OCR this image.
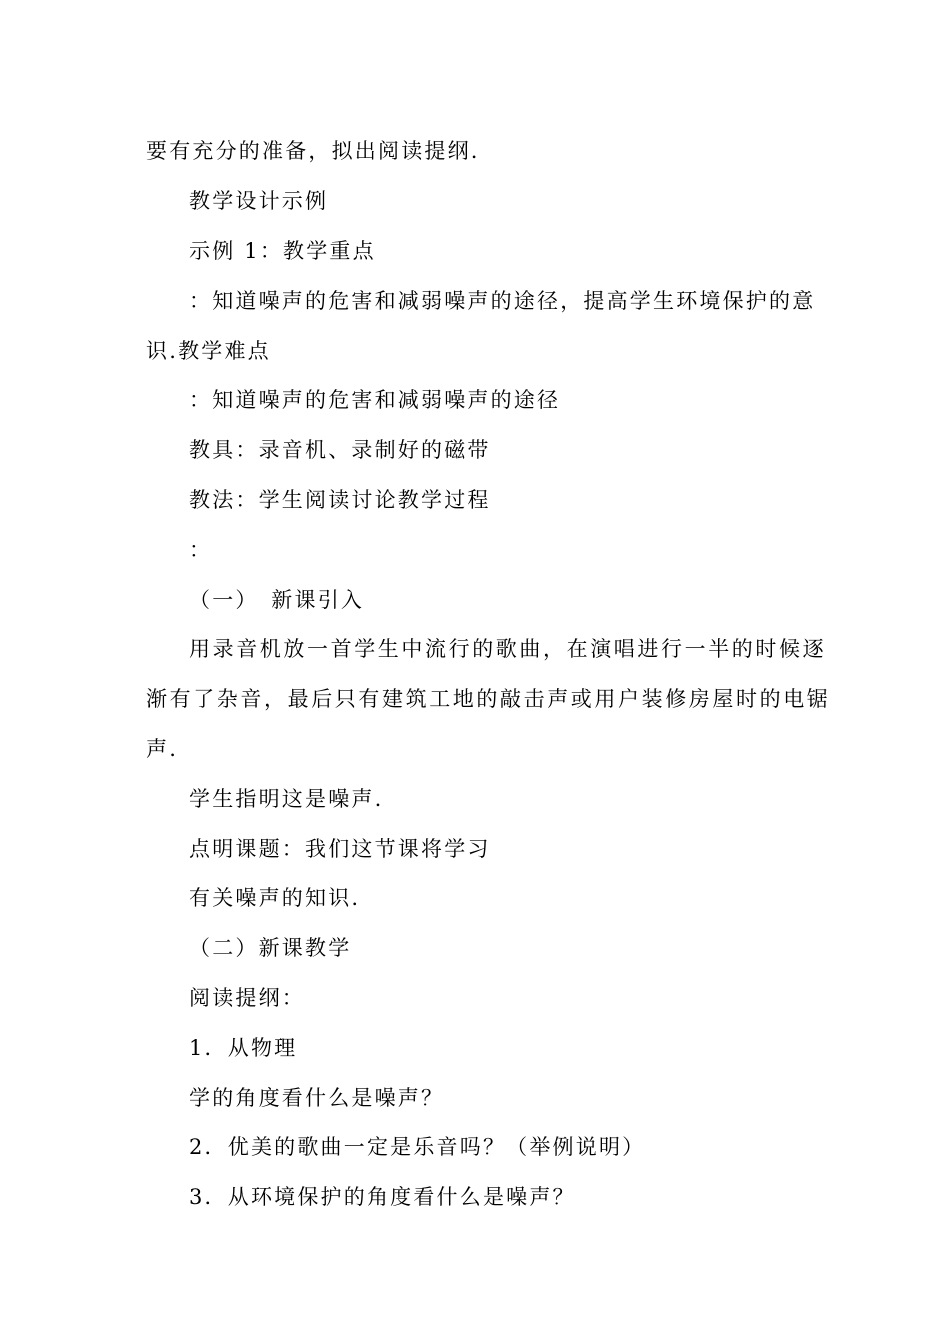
要有充分的准备，拟出阅读提纲.
教学设计示例
示例 1：教学重点
：知道噪声的危害和减弱噪声的途径，提高学生环境保护的意
识.教学难点
：知道噪声的危害和减弱噪声的途径
教具：录音机、录制好的磁带
教法：学生阅读讨论教学过程
：
（一）　新课引入
用录音机放一首学生中流行的歌曲，在演唱进行一半的时候逐
渐有了杂音，最后只有建筑工地的敲击声或用户装修房屋时的电锯
声.
学生指明这是噪声.
点明课题：我们这节课将学习
有关噪声的知识.
（二）新课教学
阅读提纲：
1．从物理
学的角度看什么是噪声？
2．优美的歌曲一定是乐音吗？（举例说明）
3．从环境保护的角度看什么是噪声？
